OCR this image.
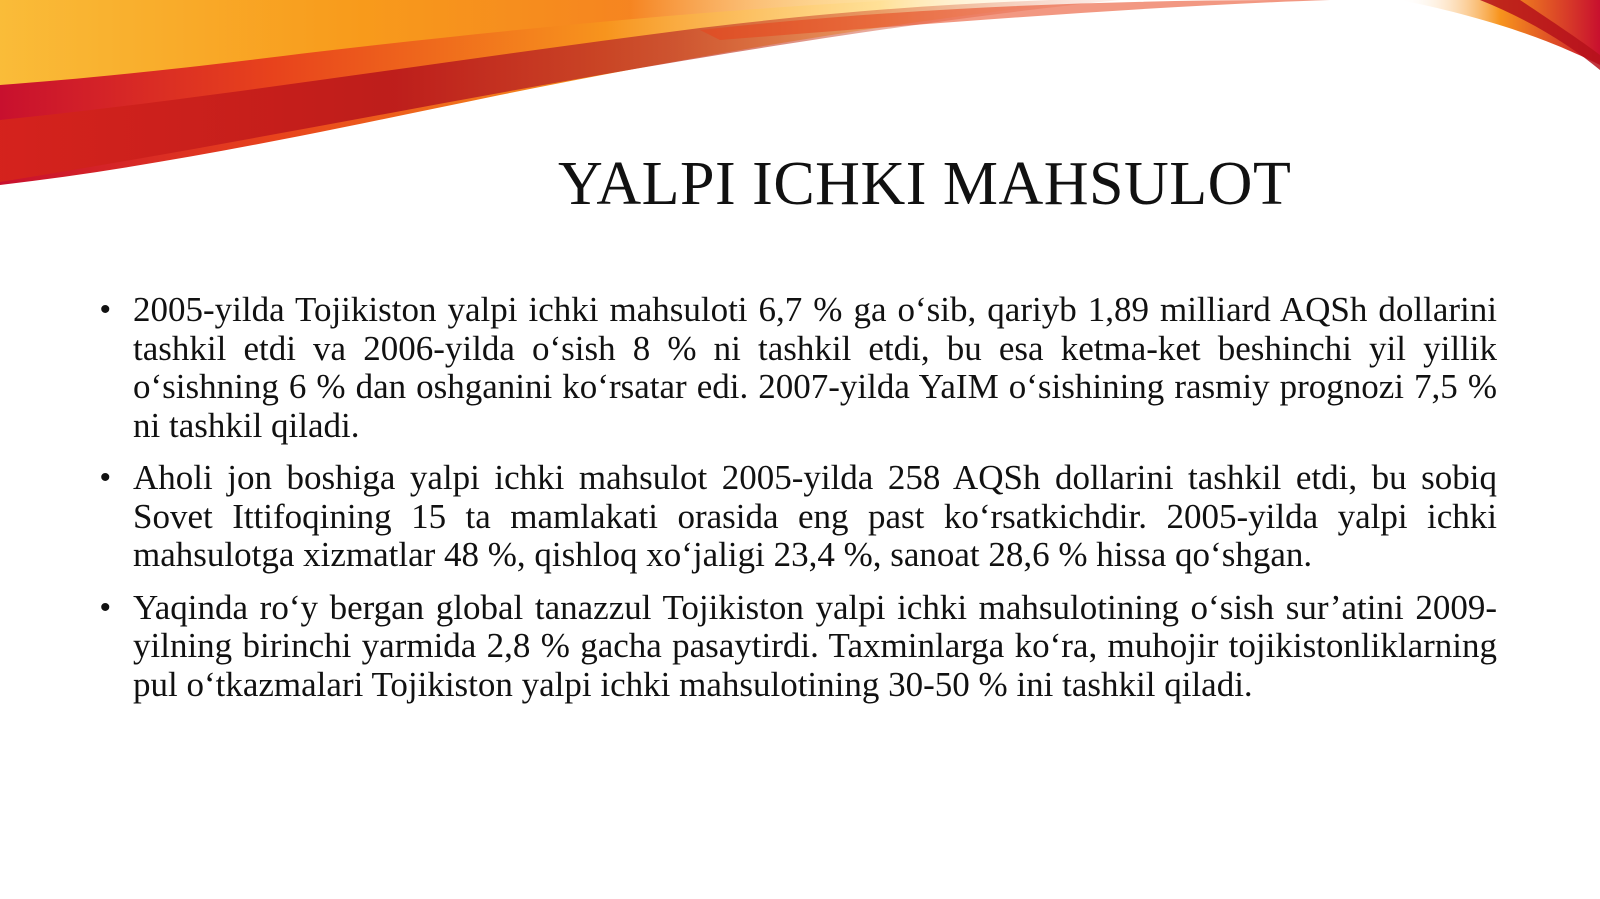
YALPI ICHKI MAHSULOT
• 2005-yilda Tojikiston yalpi ichki mahsuloti 6,7 % ga o‘sib, qariyb 1,89 milliard AQSh dollarini tashkil etdi va 2006-yilda o‘sish 8 % ni tashkil etdi, bu esa ketma-ket beshinchi yil yillik o‘sishning 6 % dan oshganini ko‘rsatar edi. 2007-yilda YaIM o‘sishining rasmiy prognozi 7,5 % ni tashkil qiladi.
• Aholi jon boshiga yalpi ichki mahsulot 2005-yilda 258 AQSh dollarini tashkil etdi, bu sobiq Sovet Ittifoqining 15 ta mamlakati orasida eng past ko‘rsatkichdir. 2005-yilda yalpi ichki mahsulotga xizmatlar 48 %, qishloq xo‘jaligi 23,4 %, sanoat 28,6 % hissa qo‘shgan.
• Yaqinda ro‘y bergan global tanazzul Tojikiston yalpi ichki mahsulotining o‘sish sur’atini 2009-yilning birinchi yarmida 2,8 % gacha pasaytirdi. Taxminlarga ko‘ra, muhojir tojikistonliklarning pul o‘tkazmalari Tojikiston yalpi ichki mahsulotining 30-50 % ini tashkil qiladi.
